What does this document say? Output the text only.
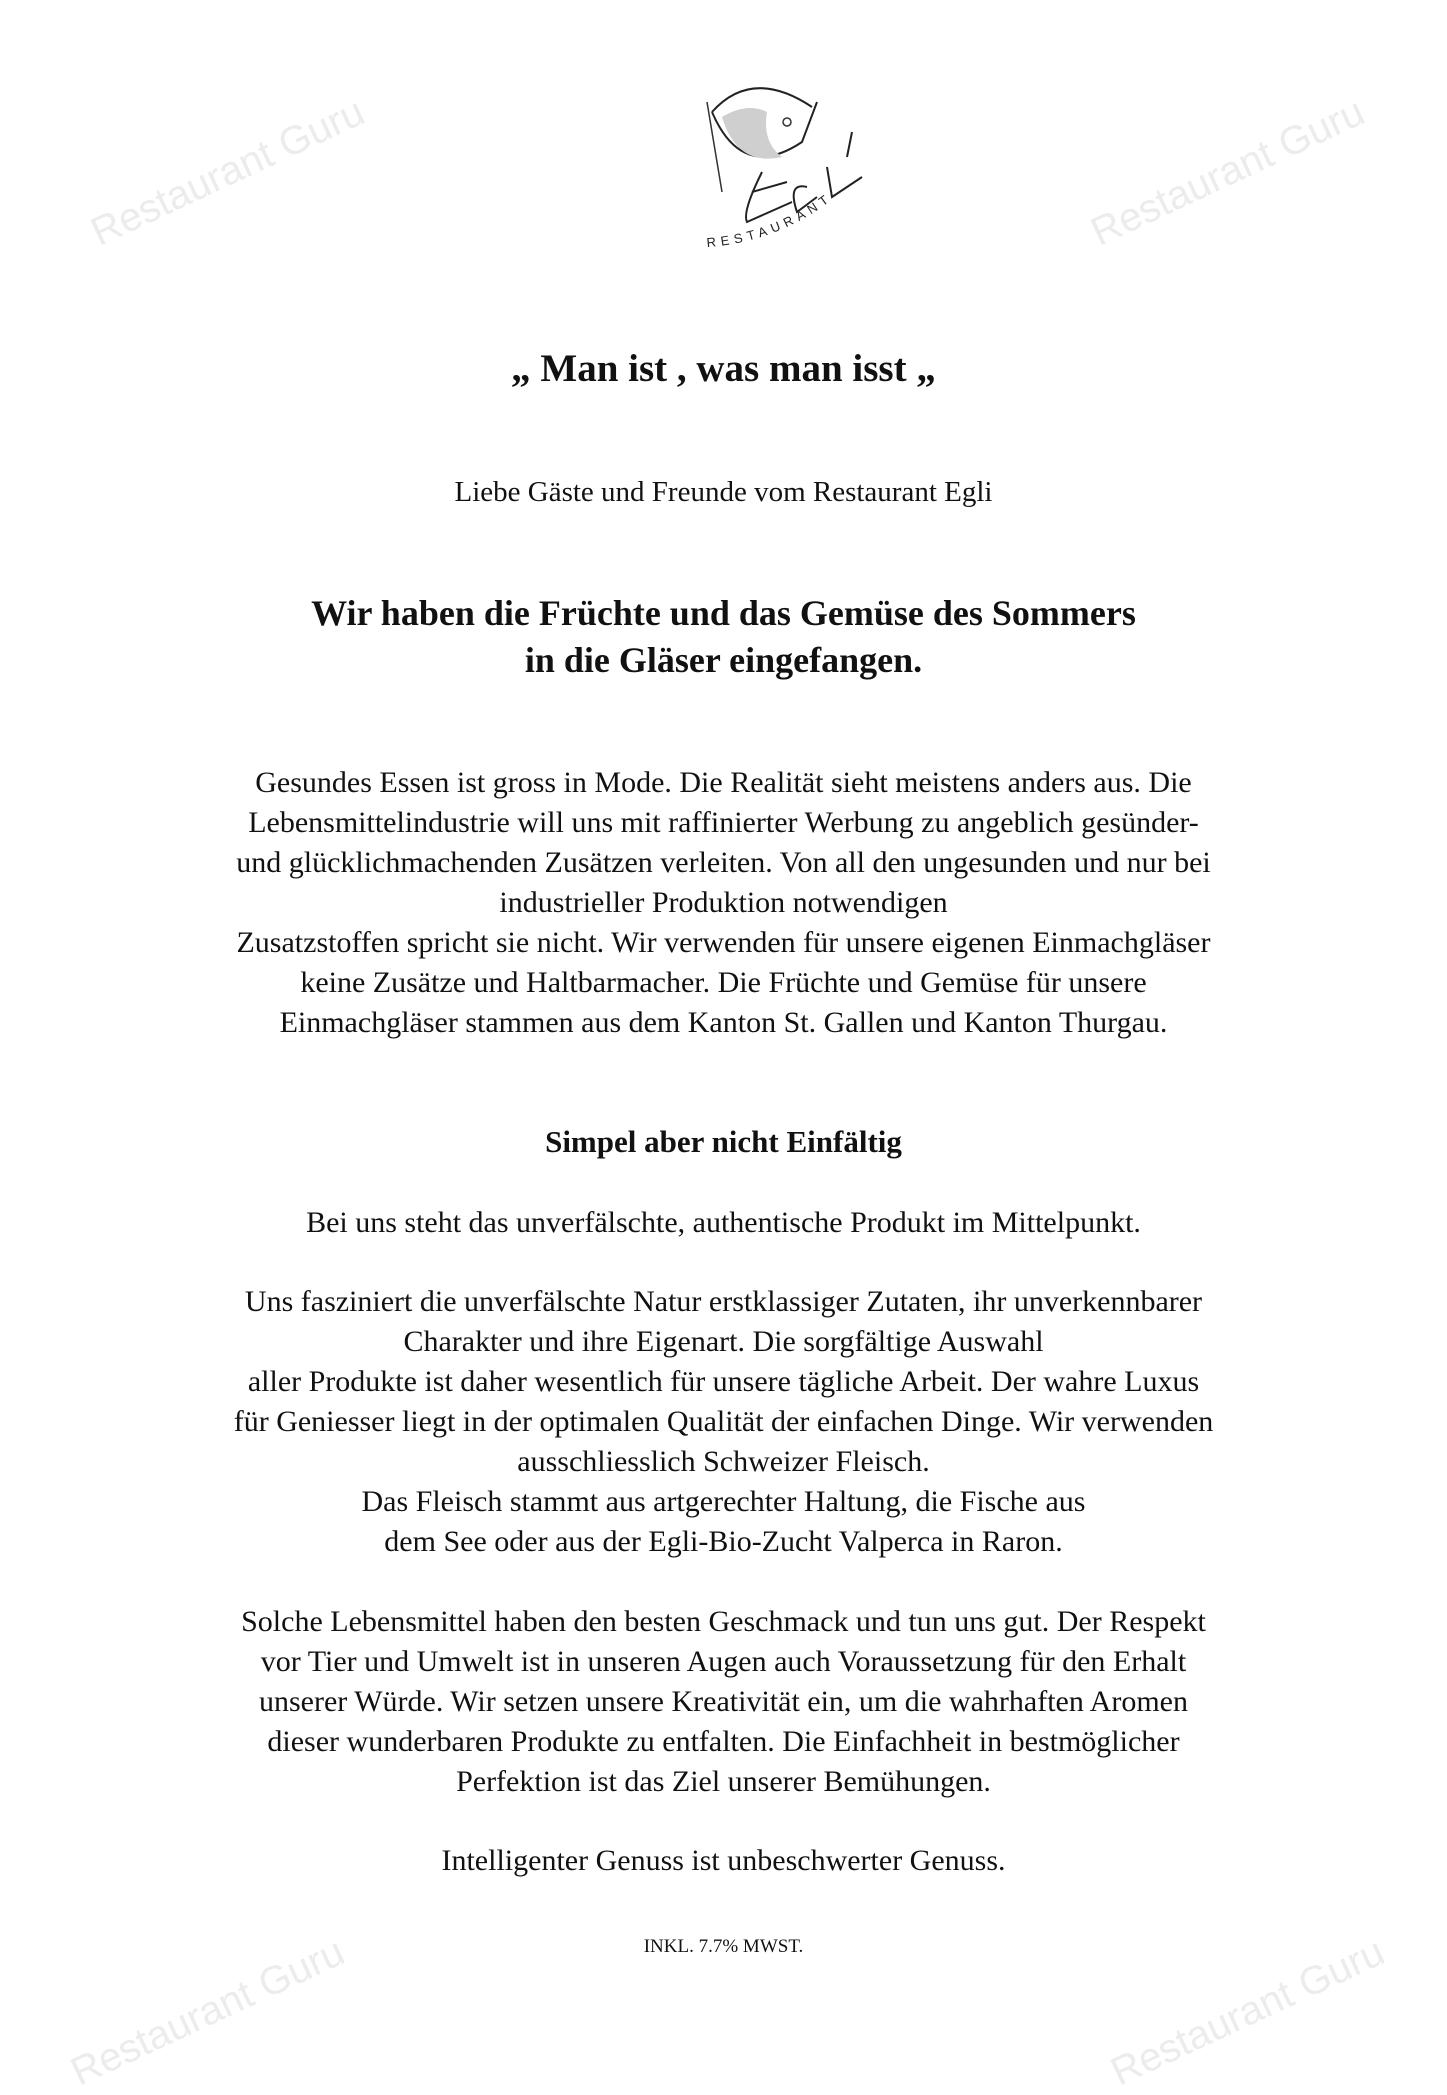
Restaurant Guru	Restaurant Guru
Restaurant Guru	Restaurant Guru
RESTAURANT
„ Man ist , was man isst „
Liebe Gäste und Freunde vom Restaurant Egli
Wir haben die Früchte und das Gemüse des Sommers
in die Gläser eingefangen.
Gesundes Essen ist gross in Mode. Die Realität sieht meistens anders aus. Die
Lebensmittelindustrie will uns mit raffinierter Werbung zu angeblich gesünder-
und glücklichmachenden Zusätzen verleiten. Von all den ungesunden und nur bei
industrieller Produktion notwendigen
Zusatzstoffen spricht sie nicht. Wir verwenden für unsere eigenen Einmachgläser
keine Zusätze und Haltbarmacher. Die Früchte und Gemüse für unsere
Einmachgläser stammen aus dem Kanton St. Gallen und Kanton Thurgau.
Simpel aber nicht Einfältig
Bei uns steht das unverfälschte, authentische Produkt im Mittelpunkt.
Uns fasziniert die unverfälschte Natur erstklassiger Zutaten, ihr unverkennbarer
Charakter und ihre Eigenart. Die sorgfältige Auswahl
aller Produkte ist daher wesentlich für unsere tägliche Arbeit. Der wahre Luxus
für Geniesser liegt in der optimalen Qualität der einfachen Dinge. Wir verwenden
ausschliesslich Schweizer Fleisch.
Das Fleisch stammt aus artgerechter Haltung, die Fische aus
dem See oder aus der Egli-Bio-Zucht Valperca in Raron.
Solche Lebensmittel haben den besten Geschmack und tun uns gut. Der Respekt
vor Tier und Umwelt ist in unseren Augen auch Voraussetzung für den Erhalt
unserer Würde. Wir setzen unsere Kreativität ein, um die wahrhaften Aromen
dieser wunderbaren Produkte zu entfalten. Die Einfachheit in bestmöglicher
Perfektion ist das Ziel unserer Bemühungen.
Intelligenter Genuss ist unbeschwerter Genuss.
INKL. 7.7% MWST.
